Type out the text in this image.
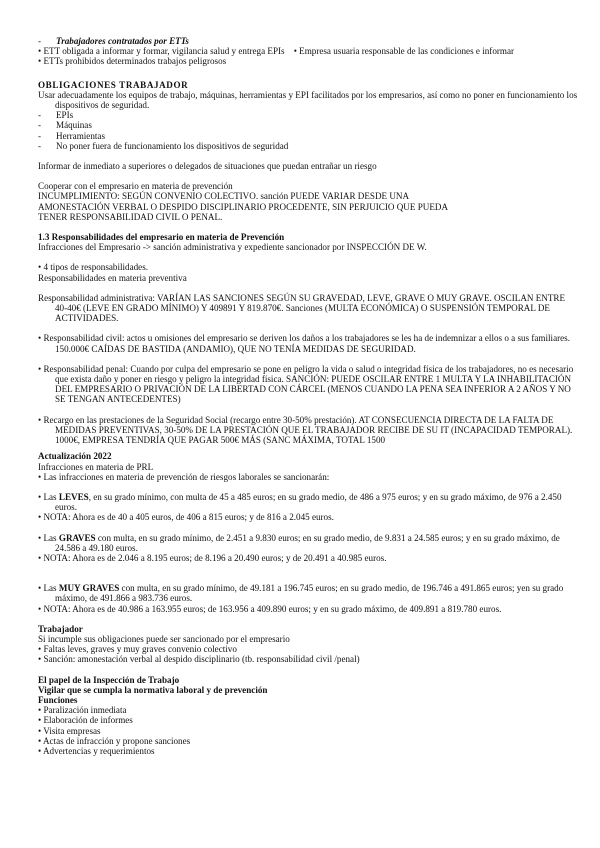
-	Trabajadores contratados por ETTs
• ETT obligada a informar y formar, vigilancia salud y entrega EPIs • Empresa usuaria responsable de las condiciones e informar
• ETTs prohibidos determinados trabajos peligrosos
OBLIGACIONES TRABAJADOR
Usar adecuadamente los equipos de trabajo, máquinas, herramientas y EPI facilitados por los empresarios, así como no poner en funcionamiento los
dispositivos de seguridad.
-	EPIs
-	Máquinas
-	Herramientas
-	No poner fuera de funcionamiento los dispositivos de seguridad
Informar de inmediato a superiores o delegados de situaciones que puedan entrañar un riesgo
Cooperar con el empresario en materia de prevención
INCUMPLIMIENTO: SEGÚN CONVENIO COLECTIVO. sanción PUEDE VARIAR DESDE UNA
AMONESTACIÓN VERBAL O DESPIDO DISCIPLINARIO PROCEDENTE, SIN PERJUICIO QUE PUEDA
TENER RESPONSABILIDAD CIVIL O PENAL.
1.3 Responsabilidades del empresario en materia de Prevención
Infracciones del Empresario -> sanción administrativa y expediente sancionador por INSPECCIÓN DE W.
• 4 tipos de responsabilidades.
Responsabilidades en materia preventiva
Responsabilidad administrativa: VARÍAN LAS SANCIONES SEGÚN SU GRAVEDAD, LEVE, GRAVE O MUY GRAVE. OSCILAN ENTRE
40-40€ (LEVE EN GRADO MÍNIMO) Y 409891 Y 819.870€. Sanciones (MULTA ECONÓMICA) O SUSPENSIÓN TEMPORAL DE
ACTIVIDADES.
• Responsabilidad civil: actos u omisiones del empresario se deriven los daños a los trabajadores se les ha de indemnizar a ellos o a sus familiares.
150.000€ CAÍDAS DE BASTIDA (ANDAMIO), QUE NO TENÍA MEDIDAS DE SEGURIDAD.
• Responsabilidad penal: Cuando por culpa del empresario se pone en peligro la vida o salud o integridad física de los trabajadores, no es necesario
que exista daño y poner en riesgo y peligro la integridad física. SANCIÓN: PUEDE OSCILAR ENTRE 1 MULTA Y LA INHABILITACIÓN
DEL EMPRESARIO O PRIVACIÓN DE LA LIBERTAD CON CÁRCEL (MENOS CUANDO LA PENA SEA INFERIOR A 2 AÑOS Y NO
SE TENGAN ANTECEDENTES)
• Recargo en las prestaciones de la Seguridad Social (recargo entre 30-50% prestación). AT CONSECUENCIA DIRECTA DE LA FALTA DE
MEDIDAS PREVENTIVAS, 30-50% DE LA PRESTACIÓN QUE EL TRABAJADOR RECIBE DE SU IT (INCAPACIDAD TEMPORAL).
1000€, EMPRESA TENDRÍA QUE PAGAR 500€ MÁS (SANC MÁXIMA, TOTAL 1500
Actualización 2022
Infracciones en materia de PRL
• Las infracciones en materia de prevención de riesgos laborales se sancionarán:
• Las LEVES, en su grado mínimo, con multa de 45 a 485 euros; en su grado medio, de 486 a 975 euros; y en su grado máximo, de 976 a 2.450
euros.
• NOTA: Ahora es de 40 a 405 euros, de 406 a 815 euros; y de 816 a 2.045 euros.
• Las GRAVES con multa, en su grado mínimo, de 2.451 a 9.830 euros; en su grado medio, de 9.831 a 24.585 euros; y en su grado máximo, de
24.586 a 49.180 euros.
• NOTA: Ahora es de 2.046 a 8.195 euros; de 8.196 a 20.490 euros; y de 20.491 a 40.985 euros.
• Las MUY GRAVES con multa, en su grado mínimo, de 49.181 a 196.745 euros; en su grado medio, de 196.746 a 491.865 euros; yen su grado
máximo, de 491.866 a 983.736 euros.
• NOTA: Ahora es de 40.986 a 163.955 euros; de 163.956 a 409.890 euros; y en su grado máximo, de 409.891 a 819.780 euros.
Trabajador
Si incumple sus obligaciones puede ser sancionado por el empresario
• Faltas leves, graves y muy graves convenio colectivo
• Sanción: amonestación verbal al despido disciplinario (tb. responsabilidad civil /penal)
El papel de la Inspección de Trabajo
Vigilar que se cumpla la normativa laboral y de prevención
Funciones
• Paralización inmediata
• Elaboración de informes
• Visita empresas
• Actas de infracción y propone sanciones
• Advertencias y requerimientos
